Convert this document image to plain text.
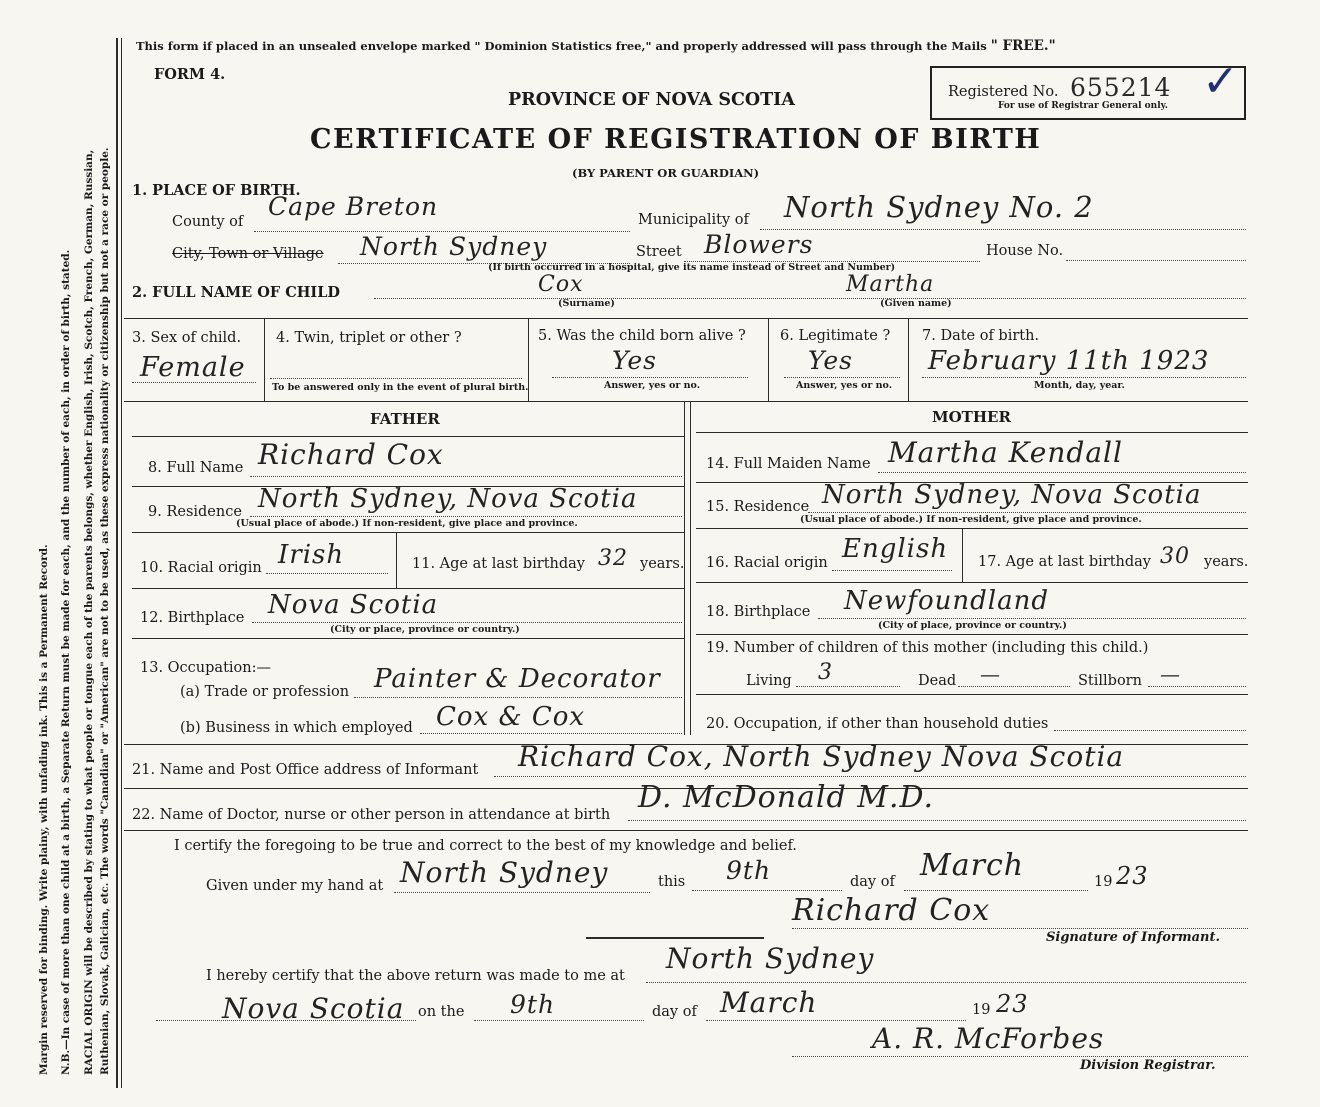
Margin reserved for binding. Write plainy, with unfading ink. This is a Permanent Record. N.B.—In case of more than one child at a birth, a Separate Return must be made for each, and the number of each, in order of birth, stated. RACIAL ORIGIN will be described by stating to what people or tongue each of the parents belongs, whether English, Irish, Scotch, French, German, Russian, Ruthenian, Slovak, Galician, etc. The words "Canadian" or "American" are not to be used, as these express nationality or citizenship but not a race or people.
This form if placed in an unsealed envelope marked " Dominion Statistics free," and properly addressed will pass through the Mails " FREE."
FORM 4.
PROVINCE OF NOVA SCOTIA
CERTIFICATE OF REGISTRATION OF BIRTH
(BY PARENT OR GUARDIAN)
Registered No. 655214
For use of Registrar General only. ✓
1. PLACE OF BIRTH.
County of
Cape Breton	Municipality of North Sydney No. 2
City, Town or Village North Sydney	Street Blowers	House No.
(If birth occurred in a hospital, give its name instead of Street and Number)
2. FULL NAME OF CHILD	Cox
(Surname)
Martha
(Given name)
3. Sex of child.
Female
4. Twin, triplet or other ?
To be answered only in the event of plural birth.
5. Was the child born alive ?
Yes
Answer, yes or no.
6. Legitimate ?
Yes
Answer, yes or no.
7. Date of birth.
February 11th 1923
Month, day, year.
FATHER	MOTHER
8. Full Name Richard Cox
9. Residence North Sydney, Nova Scotia
(Usual place of abode.) If non-resident, give place and province.
10. Racial origin Irish	11. Age at last birthday 32 years.
12. Birthplace Nova Scotia
(City or place, province or country.)
13. Occupation:—
(a) Trade or profession Painter & Decorator
(b) Business in which employed Cox & Cox
14. Full Maiden Name Martha Kendall
15. Residence North Sydney, Nova Scotia
(Usual place of abode.) If non-resident, give place and province.
16. Racial origin English 17. Age at last birthday 30 years.
18. Birthplace Newfoundland
(City of place, province or country.)
19. Number of children of this mother (including this child.)
Living 3	Dead —	Stillborn —
20. Occupation, if other than household duties
21. Name and Post Office address of Informant Richard Cox, North Sydney Nova Scotia
22. Name of Doctor, nurse or other person in attendance at birth D. McDonald M.D.
I certify the foregoing to be true and correct to the best of my knowledge and belief.
Given under my hand at North Sydney	this 9th	day of March	19 23
Richard Cox
Signature of Informant.
I hereby certify that the above return was made to me at
North Sydney
Nova Scotia on the 9th	day of March	19 23
A. R. McForbes
Division Registrar.
